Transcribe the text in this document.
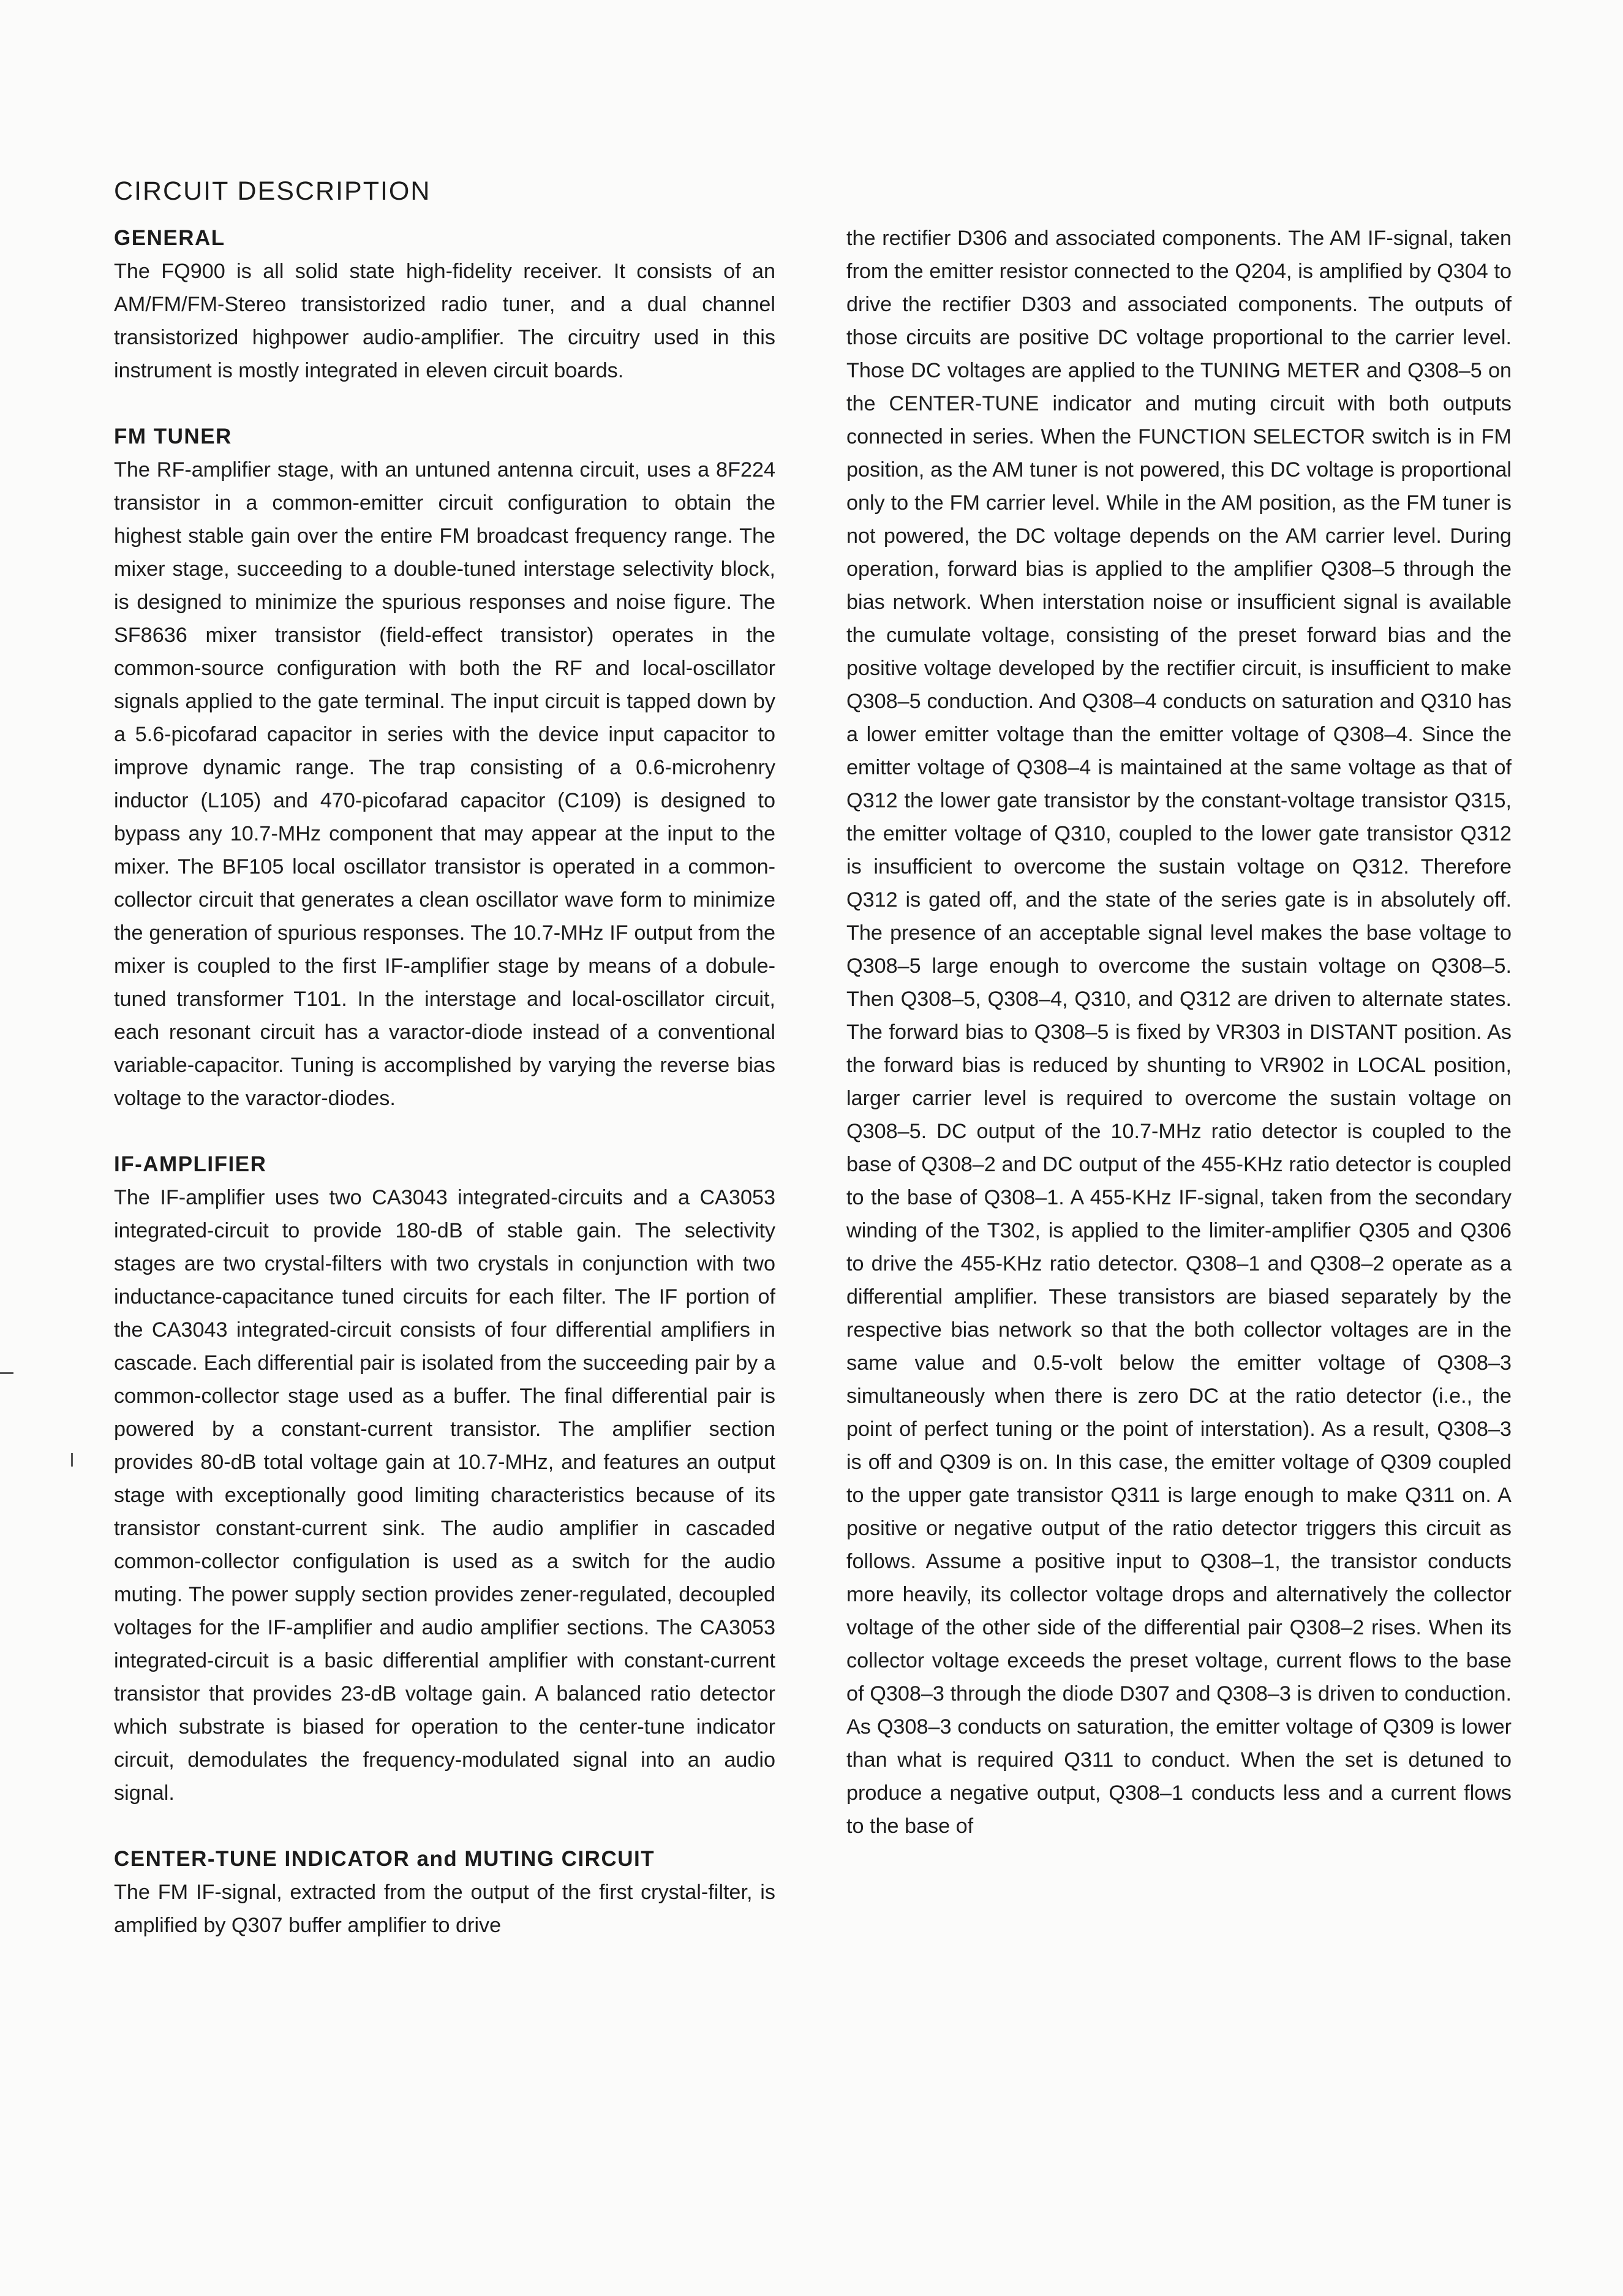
CIRCUIT DESCRIPTION
GENERAL

The FQ900 is all solid state high-fidelity receiver. It consists of an AM/FM/FM-Stereo transistorized radio tuner, and a dual channel transistorized highpower audio-amplifier. The circuitry used in this instrument is mostly integrated in eleven circuit boards.

FM TUNER

The RF-amplifier stage, with an untuned antenna circuit, uses a 8F224 transistor in a common-emitter circuit configuration to obtain the highest stable gain over the entire FM broadcast frequency range. The mixer stage, succeeding to a double-tuned interstage selectivity block, is designed to minimize the spurious responses and noise figure. The SF8636 mixer transistor (field-effect transistor) operates in the common-source configuration with both the RF and local-oscillator signals applied to the gate terminal. The input circuit is tapped down by a 5.6-picofarad capacitor in series with the device input capacitor to improve dynamic range. The trap consisting of a 0.6-microhenry inductor (L105) and 470-picofarad capacitor (C109) is designed to bypass any 10.7-MHz component that may appear at the input to the mixer. The BF105 local oscillator transistor is operated in a common-collector circuit that generates a clean oscillator wave form to minimize the generation of spurious responses. The 10.7-MHz IF output from the mixer is coupled to the first IF-amplifier stage by means of a dobule-tuned transformer T101. In the interstage and local-oscillator circuit, each resonant circuit has a varactor-diode instead of a conventional variable-capacitor. Tuning is accomplished by varying the reverse bias voltage to the varactor-diodes.

IF-AMPLIFIER

The IF-amplifier uses two CA3043 integrated-circuits and a CA3053 integrated-circuit to provide 180-dB of stable gain. The selectivity stages are two crystal-filters with two crystals in conjunction with two inductance-capacitance tuned circuits for each filter. The IF portion of the CA3043 integrated-circuit consists of four differential amplifiers in cascade. Each differential pair is isolated from the succeeding pair by a common-collector stage used as a buffer. The final differential pair is powered by a constant-current transistor. The amplifier section provides 80-dB total voltage gain at 10.7-MHz, and features an output stage with exceptionally good limiting characteristics because of its transistor constant-current sink. The audio amplifier in cascaded common-collector configulation is used as a switch for the audio muting. The power supply section provides zener-regulated, decoupled voltages for the IF-amplifier and audio amplifier sections. The CA3053 integrated-circuit is a basic differential amplifier with constant-current transistor that provides 23-dB voltage gain. A balanced ratio detector which substrate is biased for operation to the center-tune indicator circuit, demodulates the frequency-modulated signal into an audio signal.

CENTER-TUNE INDICATOR and MUTING CIRCUIT

The FM IF-signal, extracted from the output of the first crystal-filter, is amplified by Q307 buffer amplifier to drive

the rectifier D306 and associated components. The AM IF-signal, taken from the emitter resistor connected to the Q204, is amplified by Q304 to drive the rectifier D303 and associated components. The outputs of those circuits are positive DC voltage proportional to the carrier level. Those DC voltages are applied to the TUNING METER and Q308–5 on the CENTER-TUNE indicator and muting circuit with both outputs connected in series. When the FUNCTION SELECTOR switch is in FM position, as the AM tuner is not powered, this DC voltage is proportional only to the FM carrier level. While in the AM position, as the FM tuner is not powered, the DC voltage depends on the AM carrier level. During operation, forward bias is applied to the amplifier Q308–5 through the bias network. When interstation noise or insufficient signal is available the cumulate voltage, consisting of the preset forward bias and the positive voltage developed by the rectifier circuit, is insufficient to make Q308–5 conduction. And Q308–4 conducts on saturation and Q310 has a lower emitter voltage than the emitter voltage of Q308–4. Since the emitter voltage of Q308–4 is maintained at the same voltage as that of Q312 the lower gate transistor by the constant-voltage transistor Q315, the emitter voltage of Q310, coupled to the lower gate transistor Q312 is insufficient to overcome the sustain voltage on Q312. Therefore Q312 is gated off, and the state of the series gate is in absolutely off. The presence of an acceptable signal level makes the base voltage to Q308–5 large enough to overcome the sustain voltage on Q308–5. Then Q308–5, Q308–4, Q310, and Q312 are driven to alternate states. The forward bias to Q308–5 is fixed by VR303 in DISTANT position. As the forward bias is reduced by shunting to VR902 in LOCAL position, larger carrier level is required to overcome the sustain voltage on Q308–5. DC output of the 10.7-MHz ratio detector is coupled to the base of Q308–2 and DC output of the 455-KHz ratio detector is coupled to the base of Q308–1. A 455-KHz IF-signal, taken from the secondary winding of the T302, is applied to the limiter-amplifier Q305 and Q306 to drive the 455-KHz ratio detector. Q308–1 and Q308–2 operate as a differential amplifier. These transistors are biased separately by the respective bias network so that the both collector voltages are in the same value and 0.5-volt below the emitter voltage of Q308–3 simultaneously when there is zero DC at the ratio detector (i.e., the point of perfect tuning or the point of interstation). As a result, Q308–3 is off and Q309 is on. In this case, the emitter voltage of Q309 coupled to the upper gate transistor Q311 is large enough to make Q311 on. A positive or negative output of the ratio detector triggers this circuit as follows. Assume a positive input to Q308–1, the transistor conducts more heavily, its collector voltage drops and alternatively the collector voltage of the other side of the differential pair Q308–2 rises. When its collector voltage exceeds the preset voltage, current flows to the base of Q308–3 through the diode D307 and Q308–3 is driven to conduction. As Q308–3 conducts on saturation, the emitter voltage of Q309 is lower than what is required Q311 to conduct. When the set is detuned to produce a negative output, Q308–1 conducts less and a current flows to the base of
